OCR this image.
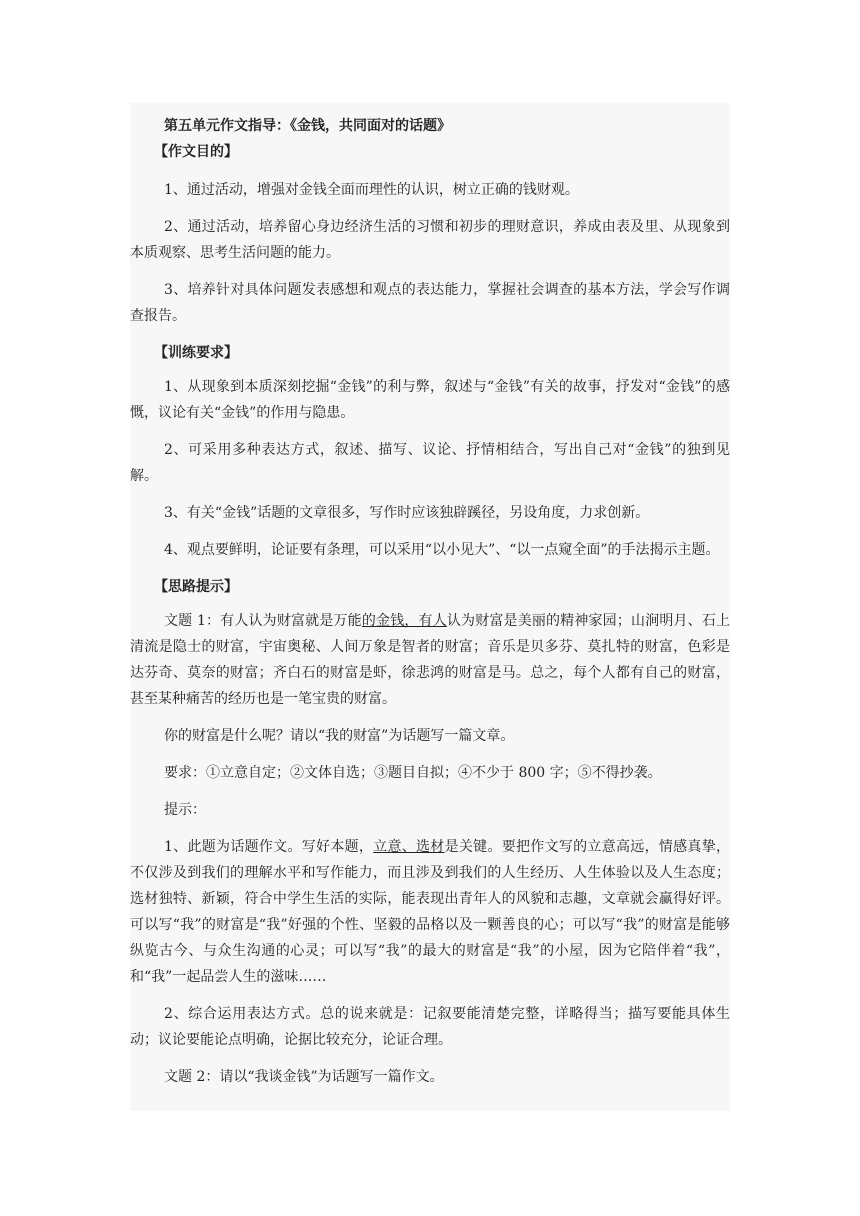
第五单元作文指导：《金钱，共同面对的话题》

【作文目的】

1、通过活动，增强对金钱全面而理性的认识，树立正确的钱财观。

2、通过活动，培养留心身边经济生活的习惯和初步的理财意识，养成由表及里、从现象到本质观察、思考生活问题的能力。

3、培养针对具体问题发表感想和观点的表达能力，掌握社会调查的基本方法，学会写作调查报告。

【训练要求】

1、从现象到本质深刻挖掘“金钱”的利与弊，叙述与“金钱”有关的故事，抒发对“金钱”的感慨，议论有关“金钱”的作用与隐患。

2、可采用多种表达方式，叙述、描写、议论、抒情相结合，写出自己对“金钱”的独到见解。

3、有关“金钱”话题的文章很多，写作时应该独辟蹊径，另设角度，力求创新。

4、观点要鲜明，论证要有条理，可以采用“以小见大”、“以一点窥全面”的手法揭示主题。

【思路提示】

文题 1：有人认为财富就是万能的金钱，有人认为财富是美丽的精神家园；山涧明月、石上清流是隐士的财富，宇宙奥秘、人间万象是智者的财富；音乐是贝多芬、莫扎特的财富，色彩是达芬奇、莫奈的财富；齐白石的财富是虾，徐悲鸿的财富是马。总之，每个人都有自己的财富，甚至某种痛苦的经历也是一笔宝贵的财富。

你的财富是什么呢？请以“我的财富”为话题写一篇文章。

要求：①立意自定；②文体自选；③题目自拟；④不少于 800 字；⑤不得抄袭。

提示：

1、此题为话题作文。写好本题，立意、选材是关键。要把作文写的立意高远，情感真挚，不仅涉及到我们的理解水平和写作能力，而且涉及到我们的人生经历、人生体验以及人生态度；选材独特、新颖，符合中学生生活的实际，能表现出青年人的风貌和志趣，文章就会赢得好评。可以写“我”的财富是“我”好强的个性、坚毅的品格以及一颗善良的心；可以写“我”的财富是能够纵览古今、与众生沟通的心灵；可以写“我”的最大的财富是“我”的小屋，因为它陪伴着“我”，和“我”一起品尝人生的滋味……

2、综合运用表达方式。总的说来就是：记叙要能清楚完整，详略得当；描写要能具体生动；议论要能论点明确，论据比较充分，论证合理。

文题 2：请以“我谈金钱”为话题写一篇作文。
